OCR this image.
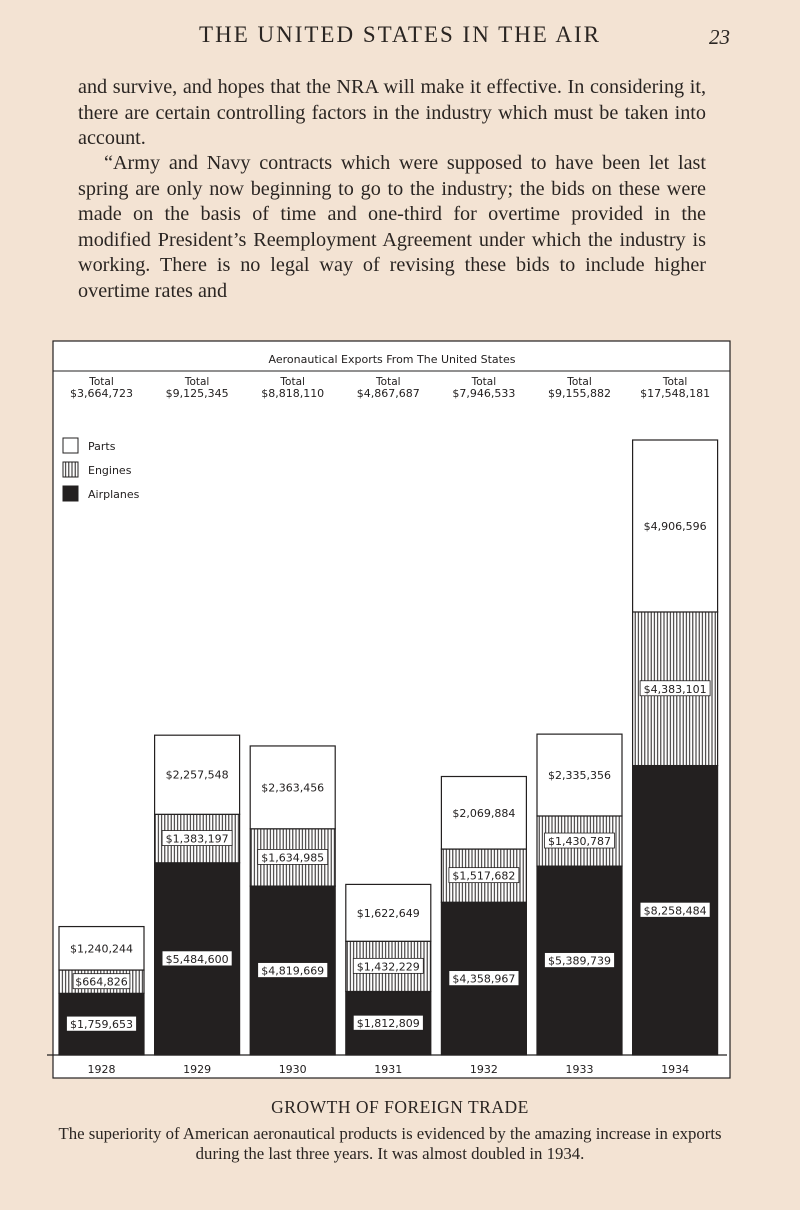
THE UNITED STATES IN THE AIR	23

and survive, and hopes that the NRA will make it effective. In considering it, there are certain controlling factors in the industry which must be taken into account.

“Army and Navy contracts which were supposed to have been let last spring are only now beginning to go to the industry; the bids on these were made on the basis of time and one-third for overtime provided in the modified President’s Reemployment Agreement under which the industry is working. There is no legal way of revising these bids to include higher overtime rates and

Aeronautical Exports From The United States
$1,759,653
$664,826
$1,240,244
Total
$3,664,723
1928
$5,484,600
$1,383,197
$2,257,548
Total
$9,125,345
1929
$4,819,669
$1,634,985
$2,363,456
Total
$8,818,110
1930
$1,812,809
$1,432,229
$1,622,649
Total
$4,867,687
1931
$4,358,967
$1,517,682
$2,069,884
Total
$7,946,533
1932
$5,389,739
$1,430,787
$2,335,356
Total
$9,155,882
1933
$8,258,484
$4,383,101
$4,906,596
Total
$17,548,181
1934
Parts
Engines
Airplanes
GROWTH OF FOREIGN TRADE

The superiority of American aeronautical products is evidenced by the amazing increase in exports during the last three years. It was almost doubled in 1934.
